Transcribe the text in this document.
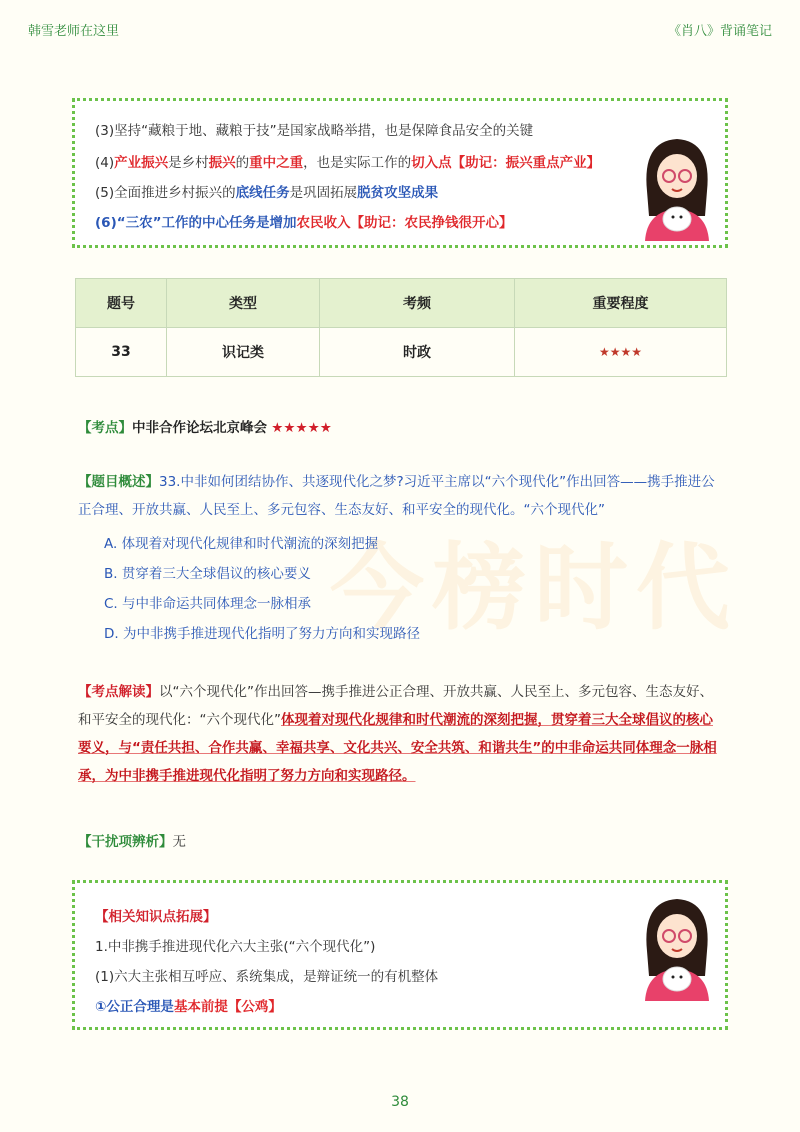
韩雪老师在这里	《肖八》背诵笔记
今榜时代
(3)坚持“藏粮于地、藏粮于技”是国家战略举措，也是保障食品安全的关键
(4)产业振兴是乡村振兴的重中之重，也是实际工作的切入点【助记：振兴重点产业】
(5)全面推进乡村振兴的底线任务是巩固拓展脱贫攻坚成果
(6)“三农”工作的中心任务是增加农民收入【助记：农民挣钱很开心】
题号	类型	考频	重要程度
33	识记类	时政	★★★★
【考点】中非合作论坛北京峰会 ★★★★★
【题目概述】33.中非如何团结协作、共逐现代化之梦?习近平主席以“六个现代化”作出回答——携手推进公正合理、开放共赢、人民至上、多元包容、生态友好、和平安全的现代化。“六个现代化”
A. 体现着对现代化规律和时代潮流的深刻把握
B. 贯穿着三大全球倡议的核心要义
C. 与中非命运共同体理念一脉相承
D. 为中非携手推进现代化指明了努力方向和实现路径
【考点解读】以“六个现代化”作出回答—携手推进公正合理、开放共赢、人民至上、多元包容、生态友好、和平安全的现代化：“六个现代化”体现着对现代化规律和时代潮流的深刻把握，贯穿着三大全球倡议的核心要义，与“责任共担、合作共赢、幸福共享、文化共兴、安全共筑、和谐共生”的中非命运共同体理念一脉相承，为中非携手推进现代化指明了努力方向和实现路径。
【干扰项辨析】无
【相关知识点拓展】
1.中非携手推进现代化六大主张(“六个现代化”)
(1)六大主张相互呼应、系统集成，是辩证统一的有机整体
①公正合理是基本前提【公鸡】
38
